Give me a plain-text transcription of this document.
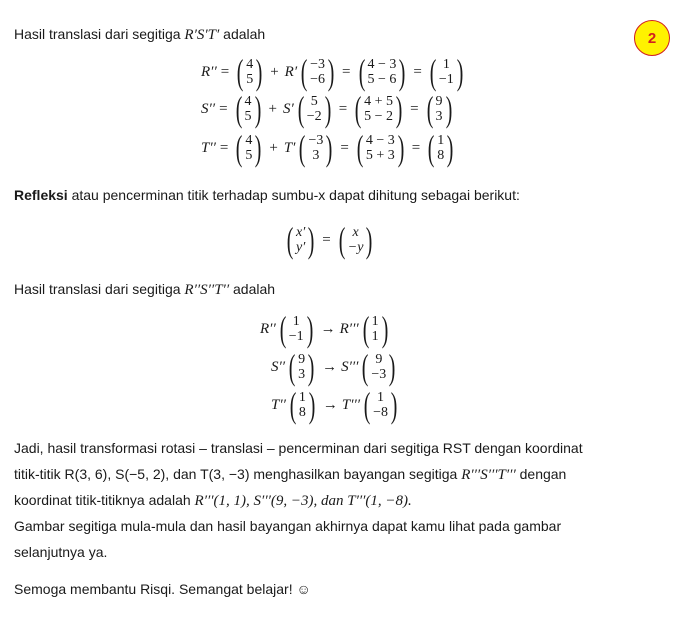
2
Hasil translasi dari segitiga R′S′T′ adalah
R′′ = ( 4
5 ) + R′ ( −3
−6 ) = ( 4 − 3
5 − 6 ) = ( 1
−1 )
S′′ = ( 4
5 ) + S′ ( 5
−2 ) = ( 4 + 5
5 − 2 ) = ( 9
3 )
T′′ = ( 4
5 ) + T′ ( −3
3 ) = ( 4 − 3
5 + 3 ) = ( 1
8 )
Refleksi atau pencerminan titik terhadap sumbu-x dapat dihitung sebagai berikut:
( x′
y′ ) = ( x
−y )
Hasil translasi dari segitiga R′′S′′T′′ adalah
R′′ ( 1
−1 ) → R′′′ ( 1
1 )
S′′ ( 9
3 ) → S′′′ ( 9
−3 )
T′′ ( 1
8 ) → T′′′ ( 1
−8 )
Jadi, hasil transformasi rotasi – translasi – pencerminan dari segitiga RST dengan koordinat
titik-titik R(3, 6), S(−5, 2), dan T(3, −3) menghasilkan bayangan segitiga R′′′S′′′T′′′ dengan
koordinat titik-titiknya adalah R′′′(1, 1), S′′′(9, −3), dan T′′′(1, −8).
Gambar segitiga mula-mula dan hasil bayangan akhirnya dapat kamu lihat pada gambar
selanjutnya ya.
Semoga membantu Risqi. Semangat belajar! ☺
